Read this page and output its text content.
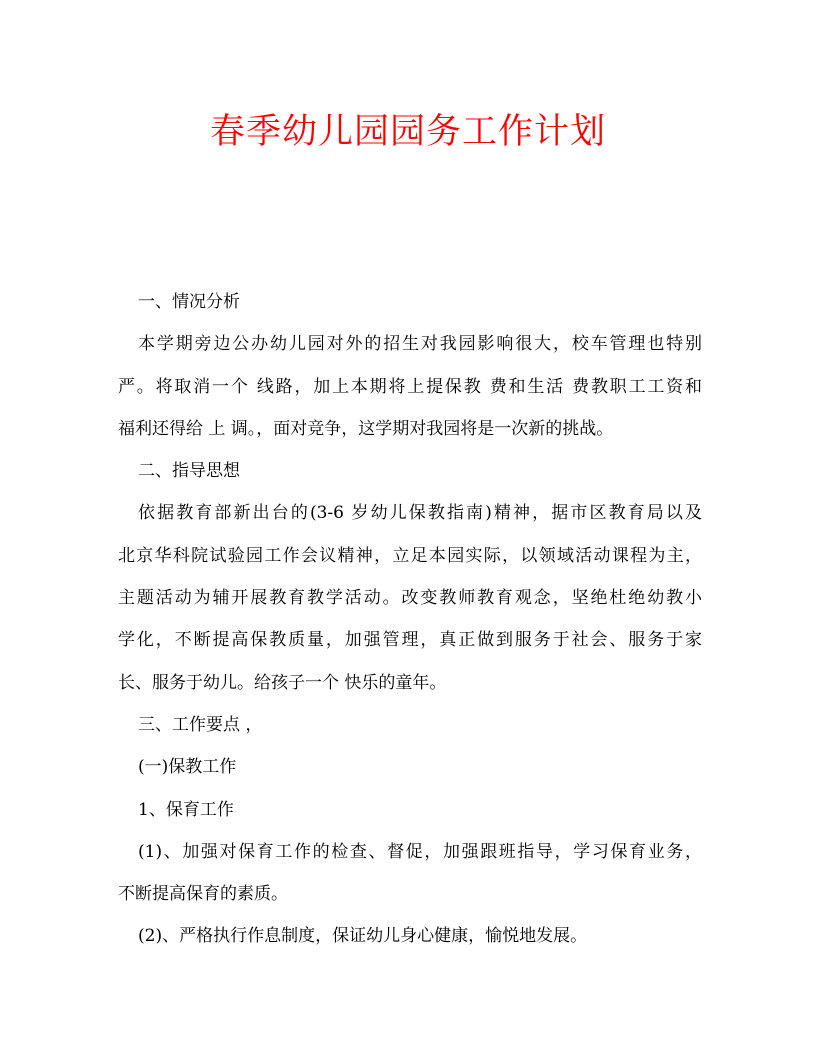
春季幼儿园园务工作计划
一、情况分析
本学期旁边公办幼儿园对外的招生对我园影响很大，校车管理也特别
严。将取消一个 线路，加上本期将上提保教 费和生活 费教职工工资和
福利还得给 上 调。，面对竞争，这学期对我园将是一次新的挑战。
二、指导思想
依据教育部新出台的(3-6 岁幼儿保教指南)精神，据市区教育局以及
北京华科院试验园工作会议精神，立足本园实际，以领域活动课程为主，
主题活动为辅开展教育教学活动。改变教师教育观念，坚绝杜绝幼教小
学化，不断提高保教质量，加强管理，真正做到服务于社会、服务于家
长、服务于幼儿。给孩子一个 快乐的童年。
三、工作要点 ，
(一)保教工作
1、保育工作
(1)、加强对保育工作的检查、督促，加强跟班指导，学习保育业务，
不断提高保育的素质。
(2)、严格执行作息制度，保证幼儿身心健康，愉悦地发展。
